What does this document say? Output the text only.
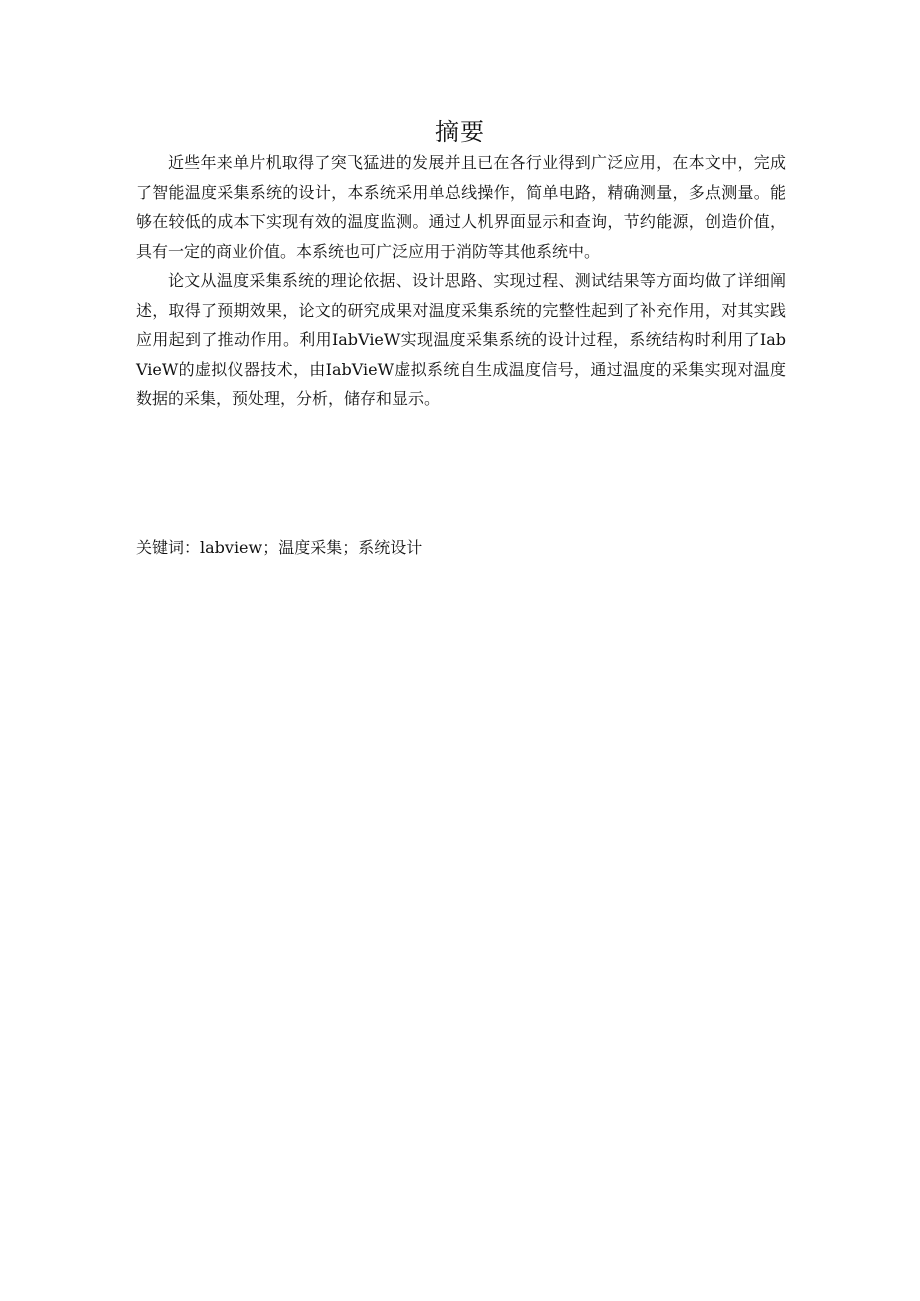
摘要

近些年来单片机取得了突飞猛进的发展并且已在各行业得到广泛应用，在本文中，完成了智能温度采集系统的设计，本系统采用单总线操作，简单电路，精确测量，多点测量。能够在较低的成本下实现有效的温度监测。通过人机界面显示和查询，节约能源，创造价值，具有一定的商业价值。本系统也可广泛应用于消防等其他系统中。

论文从温度采集系统的理论依据、设计思路、实现过程、测试结果等方面均做了详细阐述，取得了预期效果，论文的研究成果对温度采集系统的完整性起到了补充作用，对其实践应用起到了推动作用。利用IabVieW实现温度采集系统的设计过程，系统结构时利用了IabVieW的虚拟仪器技术，由IabVieW虚拟系统自生成温度信号，通过温度的采集实现对温度数据的采集，预处理，分析，储存和显示。

关键词：labview；温度采集；系统设计
